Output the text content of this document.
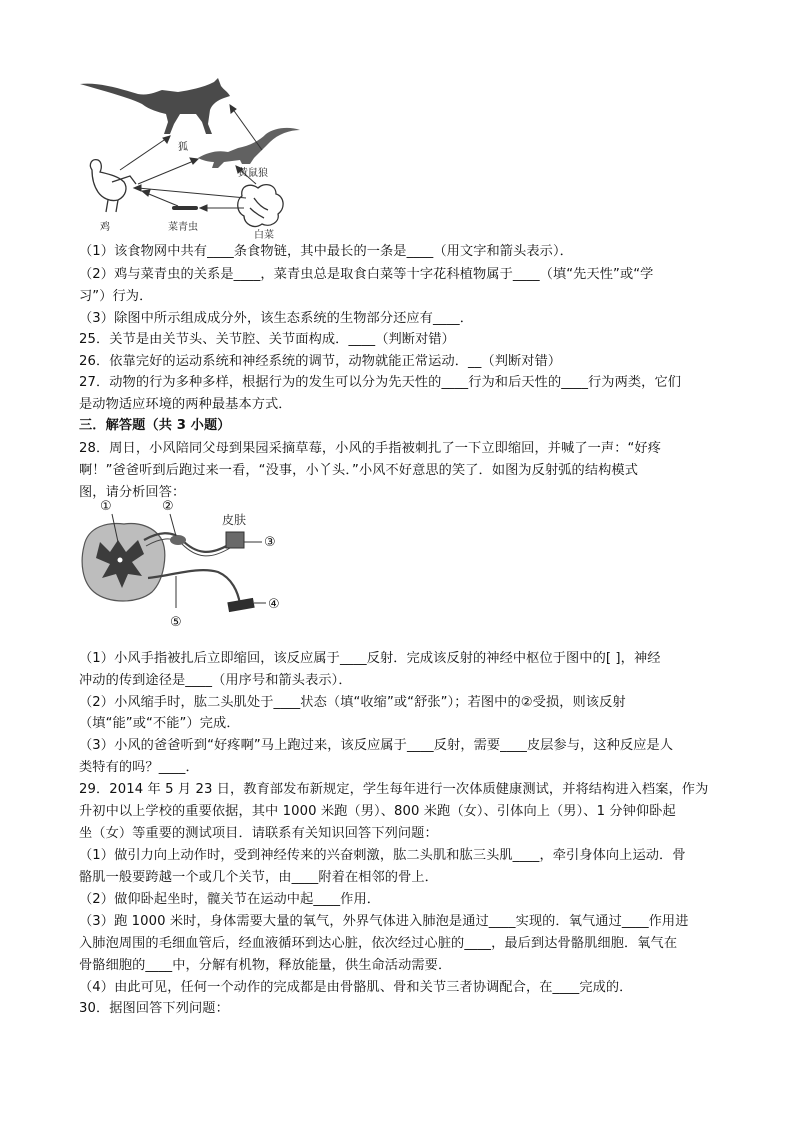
狐
黄鼠狼
鸡	菜青虫
白菜
（1）该食物网中共有____条食物链，其中最长的一条是____（用文字和箭头表示）．
（2）鸡与菜青虫的关系是____，菜青虫总是取食白菜等十字花科植物属于____（填“先天性”或“学
习”）行为．
（3）除图中所示组成成分外，该生态系统的生物部分还应有____．
25．关节是由关节头、关节腔、关节面构成．____（判断对错）
26．依靠完好的运动系统和神经系统的调节，动物就能正常运动．__（判断对错）
27．动物的行为多种多样，根据行为的发生可以分为先天性的____行为和后天性的____行为两类，它们
是动物适应环境的两种最基本方式．
三．解答题（共 3 小题）
28．周日，小风陪同父母到果园采摘草莓，小风的手指被刺扎了一下立即缩回，并喊了一声：“好疼
啊！”爸爸听到后跑过来一看，“没事，小丫头．”小风不好意思的笑了．如图为反射弧的结构模式
图，请分析回答：
①	②
③
④
⑤
皮肤
（1）小风手指被扎后立即缩回，该反应属于____反射．完成该反射的神经中枢位于图中的[ ]，神经
冲动的传到途径是____（用序号和箭头表示）．
（2）小风缩手时，肱二头肌处于____状态（填“收缩”或“舒张”）；若图中的②受损，则该反射
（填“能”或“不能”）完成．
（3）小风的爸爸听到“好疼啊”马上跑过来，该反应属于____反射，需要____皮层参与，这种反应是人
类特有的吗？____．
29．2014 年 5 月 23 日，教育部发布新规定，学生每年进行一次体质健康测试，并将结构进入档案，作为
升初中以上学校的重要依据，其中 1000 米跑（男）、800 米跑（女）、引体向上（男）、1 分钟仰卧起
坐（女）等重要的测试项目．请联系有关知识回答下列问题：
（1）做引力向上动作时，受到神经传来的兴奋刺激，肱二头肌和肱三头肌____，牵引身体向上运动．骨
骼肌一般要跨越一个或几个关节，由____附着在相邻的骨上．
（2）做仰卧起坐时，髋关节在运动中起____作用．
（3）跑 1000 米时，身体需要大量的氧气，外界气体进入肺泡是通过____实现的．氧气通过____作用进
入肺泡周围的毛细血管后，经血液循环到达心脏，依次经过心脏的____，最后到达骨骼肌细胞．氧气在
骨骼细胞的____中，分解有机物，释放能量，供生命活动需要．
（4）由此可见，任何一个动作的完成都是由骨骼肌、骨和关节三者协调配合，在____完成的．
30．据图回答下列问题：
